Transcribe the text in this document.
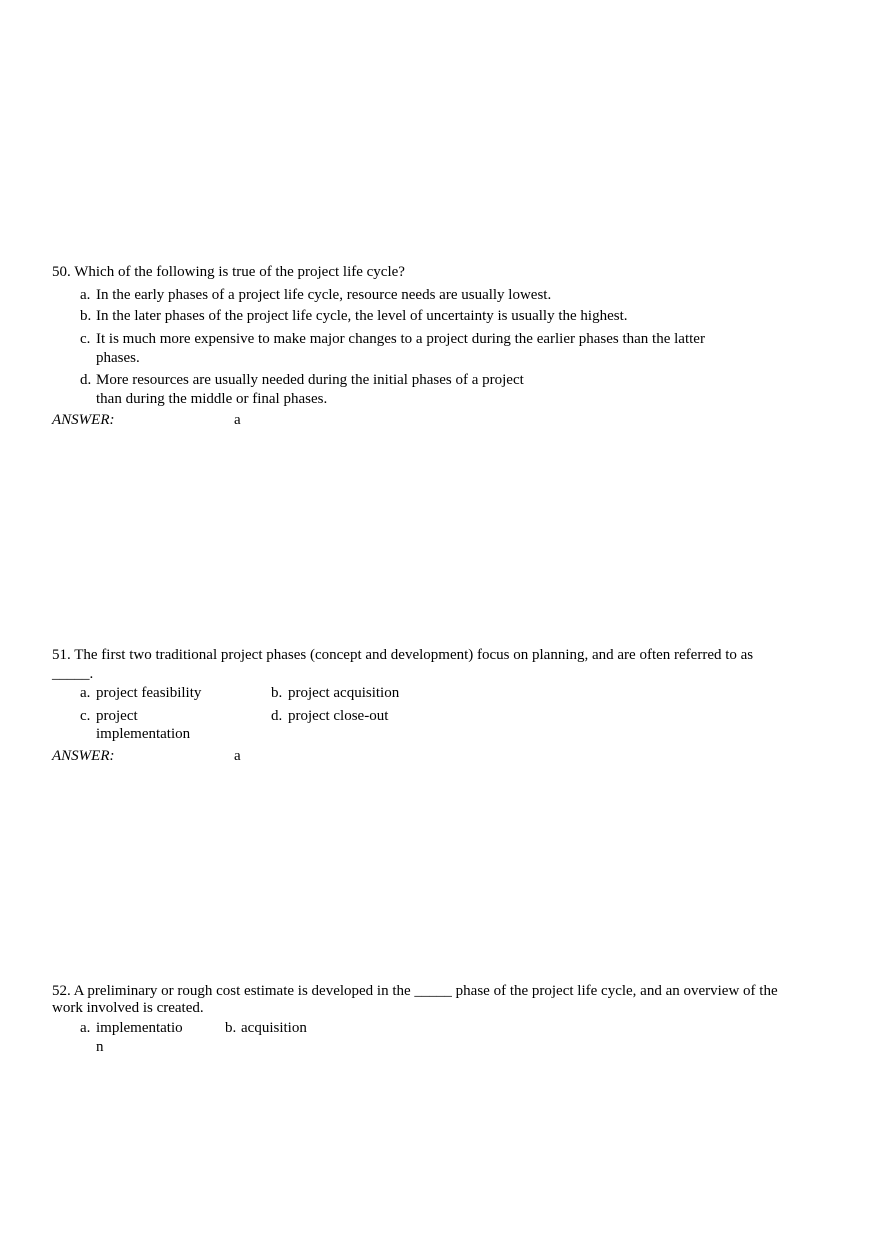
50. Which of the following is true of the project life cycle?
a. In the early phases of a project life cycle, resource needs are usually lowest.
b. In the later phases of the project life cycle, the level of uncertainty is usually the highest.
c. It is much more expensive to make major changes to a project during the earlier phases than the latter
phases.
d. More resources are usually needed during the initial phases of a project
than during the middle or final phases.
ANSWER:	a
51. The first two traditional project phases (concept and development) focus on planning, and are often referred to as
_____.
a. project feasibility	b. project acquisition
c. project
implementation
d. project close-out
ANSWER:	a
52. A preliminary or rough cost estimate is developed in the _____ phase of the project life cycle, and an overview of the
work involved is created.
a. implementatio
n
b. acquisition
